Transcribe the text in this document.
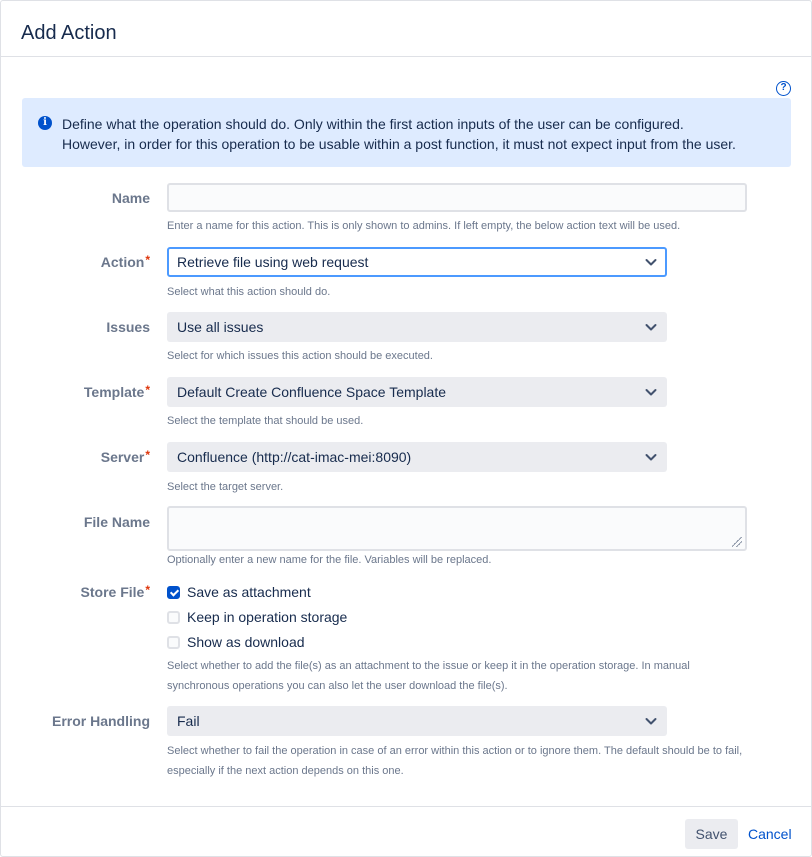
Add Action
?
i	Define what the operation should do. Only within the first action inputs of the user can be configured.
However, in order for this operation to be usable within a post function, it must not expect input from the user.
Name
Enter a name for this action. This is only shown to admins. If left empty, the below action text will be used.
Action*	Retrieve file using web request
Select what this action should do.
Issues	Use all issues
Select for which issues this action should be executed.
Template*	Default Create Confluence Space Template
Select the template that should be used.
Server*	Confluence (http://cat-imac-mei:8090)
Select the target server.
File Name
Optionally enter a new name for the file. Variables will be replaced.
Store File*	Save as attachment
Keep in operation storage
Show as download
Select whether to add the file(s) as an attachment to the issue or keep it in the operation storage. In manual
synchronous operations you can also let the user download the file(s).
Error Handling	Fail
Select whether to fail the operation in case of an error within this action or to ignore them. The default should be to fail,
especially if the next action depends on this one.
Save	Cancel
